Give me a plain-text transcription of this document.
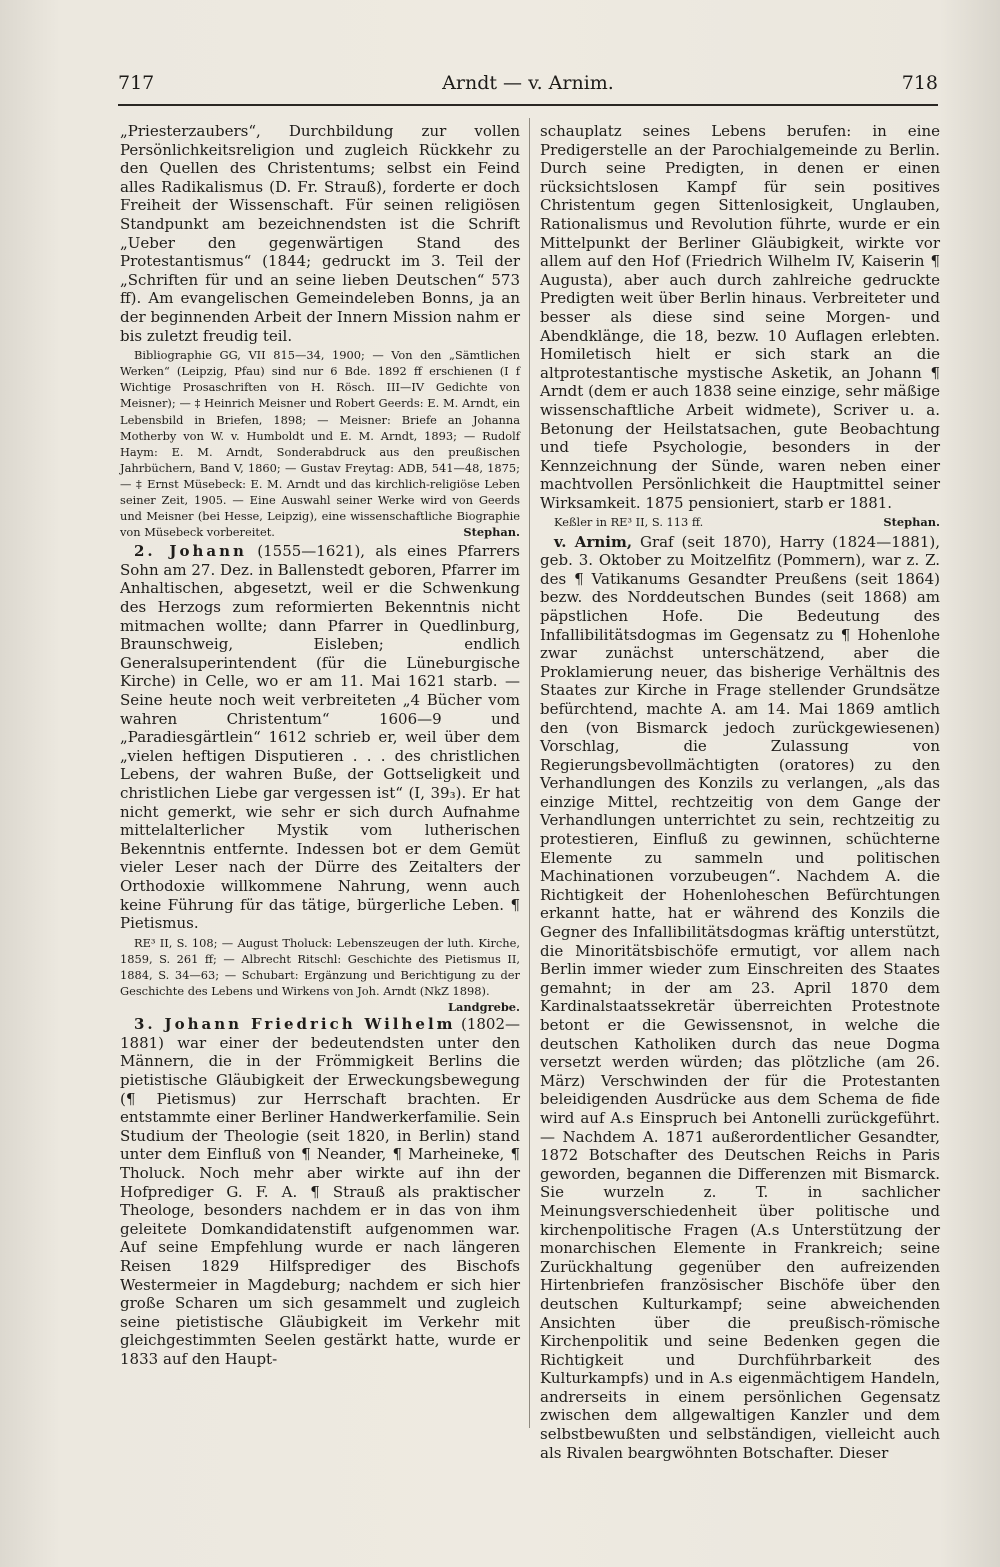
717	Arndt — v. Arnim.	718

„Priesterzaubers“, Durchbildung zur vollen Persönlichkeitsreligion und zugleich Rückkehr zu den Quellen des Christentums; selbst ein Feind alles Radikalismus (D. Fr. Strauß), forderte er doch Freiheit der Wissenschaft. Für seinen religiösen Standpunkt am bezeichnendsten ist die Schrift „Ueber den gegenwärtigen Stand des Protestantismus“ (1844; gedruckt im 3. Teil der „Schriften für und an seine lieben Deutschen“ 573 ff). Am evangelischen Gemeindeleben Bonns, ja an der beginnenden Arbeit der Innern Mission nahm er bis zuletzt freudig teil.

Bibliographie GG, VII 815—34, 1900; — Von den „Sämtlichen Werken“ (Leipzig, Pfau) sind nur 6 Bde. 1892 ff erschienen (I f Wichtige Prosaschriften von H. Rösch. III—IV Gedichte von Meisner); — ‡ Heinrich Meisner und Robert Geerds: E. M. Arndt, ein Lebensbild in Briefen, 1898; — Meisner: Briefe an Johanna Motherby von W. v. Humboldt und E. M. Arndt, 1893; — Rudolf Haym: E. M. Arndt, Sonderabdruck aus den preußischen Jahrbüchern, Band V, 1860; — Gustav Freytag: ADB, 541—48, 1875; — ‡ Ernst Müsebeck: E. M. Arndt und das kirchlich-religiöse Leben seiner Zeit, 1905. — Eine Auswahl seiner Werke wird von Geerds und Meisner (bei Hesse, Leipzig), eine wissenschaftliche Biographie von Müsebeck vorbereitet.	Stephan.

2. Johann (1555—1621), als eines Pfarrers Sohn am 27. Dez. in Ballenstedt geboren, Pfarrer im Anhaltischen, abgesetzt, weil er die Schwenkung des Herzogs zum reformierten Bekenntnis nicht mitmachen wollte; dann Pfarrer in Quedlinburg, Braunschweig, Eisleben; endlich Generalsuperintendent (für die Lüneburgische Kirche) in Celle, wo er am 11. Mai 1621 starb. — Seine heute noch weit verbreiteten „4 Bücher vom wahren Christentum“ 1606—9 und „Paradiesgärtlein“ 1612 schrieb er, weil über dem „vielen heftigen Disputieren . . . des christlichen Lebens, der wahren Buße, der Gottseligkeit und christlichen Liebe gar vergessen ist“ (I, 39₃). Er hat nicht gemerkt, wie sehr er sich durch Aufnahme mittelalterlicher Mystik vom lutherischen Bekenntnis entfernte. Indessen bot er dem Gemüt vieler Leser nach der Dürre des Zeitalters der Orthodoxie willkommene Nahrung, wenn auch keine Führung für das tätige, bürgerliche Leben. ¶ Pietismus.

RE³ II, S. 108; — August Tholuck: Lebenszeugen der luth. Kirche, 1859, S. 261 ff; — Albrecht Ritschl: Geschichte des Pietismus II, 1884, S. 34—63; — Schubart: Ergänzung und Berichtigung zu der Geschichte des Lebens und Wirkens von Joh. Arndt (NkZ 1898).
Landgrebe.

3. Johann Friedrich Wilhelm (1802—1881) war einer der bedeutendsten unter den Männern, die in der Frömmigkeit Berlins die pietistische Gläubigkeit der Erweckungsbewegung (¶ Pietismus) zur Herrschaft brachten. Er entstammte einer Berliner Handwerkerfamilie. Sein Studium der Theologie (seit 1820, in Berlin) stand unter dem Einfluß von ¶ Neander, ¶ Marheineke, ¶ Tholuck. Noch mehr aber wirkte auf ihn der Hofprediger G. F. A. ¶ Strauß als praktischer Theologe, besonders nachdem er in das von ihm geleitete Domkandidatenstift aufgenommen war. Auf seine Empfehlung wurde er nach längeren Reisen 1829 Hilfsprediger des Bischofs Westermeier in Magdeburg; nachdem er sich hier große Scharen um sich gesammelt und zugleich seine pietistische Gläubigkeit im Verkehr mit gleichgestimmten Seelen gestärkt hatte, wurde er 1833 auf den Haupt-

schauplatz seines Lebens berufen: in eine Predigerstelle an der Parochialgemeinde zu Berlin. Durch seine Predigten, in denen er einen rücksichtslosen Kampf für sein positives Christentum gegen Sittenlosigkeit, Unglauben, Rationalismus und Revolution führte, wurde er ein Mittelpunkt der Berliner Gläubigkeit, wirkte vor allem auf den Hof (Friedrich Wilhelm IV, Kaiserin ¶ Augusta), aber auch durch zahlreiche gedruckte Predigten weit über Berlin hinaus. Verbreiteter und besser als diese sind seine Morgen- und Abendklänge, die 18, bezw. 10 Auflagen erlebten. Homiletisch hielt er sich stark an die altprotestantische mystische Asketik, an Johann ¶ Arndt (dem er auch 1838 seine einzige, sehr mäßige wissenschaftliche Arbeit widmete), Scriver u. a. Betonung der Heilstatsachen, gute Beobachtung und tiefe Psychologie, besonders in der Kennzeichnung der Sünde, waren neben einer machtvollen Persönlichkeit die Hauptmittel seiner Wirksamkeit. 1875 pensioniert, starb er 1881.

Keßler in RE³ II, S. 113 ff.	Stephan.

v. Arnim, Graf (seit 1870), Harry (1824—1881), geb. 3. Oktober zu Moitzelfitz (Pommern), war z. Z. des ¶ Vatikanums Gesandter Preußens (seit 1864) bezw. des Norddeutschen Bundes (seit 1868) am päpstlichen Hofe. Die Bedeutung des Infallibilitätsdogmas im Gegensatz zu ¶ Hohenlohe zwar zunächst unterschätzend, aber die Proklamierung neuer, das bisherige Verhältnis des Staates zur Kirche in Frage stellender Grundsätze befürchtend, machte A. am 14. Mai 1869 amtlich den (von Bismarck jedoch zurückgewiesenen) Vorschlag, die Zulassung von Regierungsbevollmächtigten (oratores) zu den Verhandlungen des Konzils zu verlangen, „als das einzige Mittel, rechtzeitig von dem Gange der Verhandlungen unterrichtet zu sein, rechtzeitig zu protestieren, Einfluß zu gewinnen, schüchterne Elemente zu sammeln und politischen Machinationen vorzubeugen“. Nachdem A. die Richtigkeit der Hohenloheschen Befürchtungen erkannt hatte, hat er während des Konzils die Gegner des Infallibilitätsdogmas kräftig unterstützt, die Minoritätsbischöfe ermutigt, vor allem nach Berlin immer wieder zum Einschreiten des Staates gemahnt; in der am 23. April 1870 dem Kardinalstaatssekretär überreichten Protestnote betont er die Gewissensnot, in welche die deutschen Katholiken durch das neue Dogma versetzt werden würden; das plötzliche (am 26. März) Verschwinden der für die Protestanten beleidigenden Ausdrücke aus dem Schema de fide wird auf A.s Einspruch bei Antonelli zurückgeführt. — Nachdem A. 1871 außerordentlicher Gesandter, 1872 Botschafter des Deutschen Reichs in Paris geworden, begannen die Differenzen mit Bismarck. Sie wurzeln z. T. in sachlicher Meinungsverschiedenheit über politische und kirchenpolitische Fragen (A.s Unterstützung der monarchischen Elemente in Frankreich; seine Zurückhaltung gegenüber den aufreizenden Hirtenbriefen französischer Bischöfe über den deutschen Kulturkampf; seine abweichenden Ansichten über die preußisch-römische Kirchenpolitik und seine Bedenken gegen die Richtigkeit und Durchführbarkeit des Kulturkampfs) und in A.s eigenmächtigem Handeln, andrerseits in einem persönlichen Gegensatz zwischen dem allgewaltigen Kanzler und dem selbstbewußten und selbständigen, vielleicht auch als Rivalen beargwöhnten Botschafter. Dieser
